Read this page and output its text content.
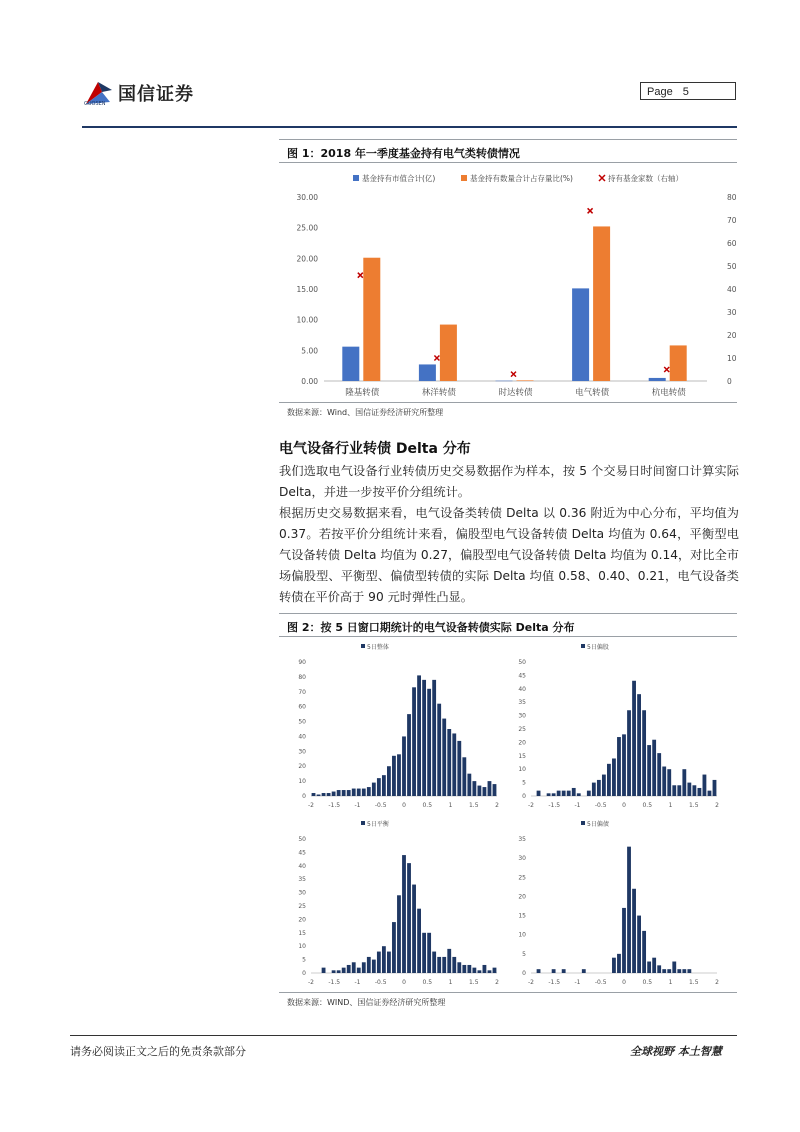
国信证券
GUOSEN
Page 5
图 1：2018 年一季度基金持有电气类转债情况
基金持有市值合计(亿)	基金持有数量合计占存量比(%)	持有基金家数（右轴）
0.00
5.00
10.00
15.00
20.00
25.00
30.00
0
10
20
30
40
50
60
70
80
隆基转债	林洋转债	时达转债	电气转债	杭电转债
数据来源：Wind、国信证券经济研究所整理
电气设备行业转债 Delta 分布
我们选取电气设备行业转债历史交易数据作为样本，按 5 个交易日时间窗口计算实际 Delta，并进一步按平价分组统计。
根据历史交易数据来看，电气设备类转债 Delta 以 0.36 附近为中心分布，平均值为 0.37。若按平价分组统计来看，偏股型电气设备转债 Delta 均值为 0.64，平衡型电气设备转债 Delta 均值为 0.27，偏股型电气设备转债 Delta 均值为 0.14，对比全市场偏股型、平衡型、偏债型转债的实际 Delta 均值 0.58、0.40、0.21，电气设备类转债在平价高于 90 元时弹性凸显。
图 2：按 5 日窗口期统计的电气设备转债实际 Delta 分布
5日整体
0
10
20
30
40
50
60
70
80
90
-2 -1.5 -1 -0.5	0	0.5	1	1.5	2
5日偏股
0
5
10
15
20
25
30
35
40
45
50
-2 -1.5 -1 -0.5	0	0.5	1	1.5	2
5日平衡
0
5
10
15
20
25
30
35
40
45
50
-2 -1.5 -1 -0.5	0	0.5	1	1.5	2
5日偏债
0
5
10
15
20
25
30
35
-2 -1.5 -1 -0.5	0	0.5	1	1.5	2
数据来源：WIND、国信证券经济研究所整理
请务必阅读正文之后的免责条款部分	全球视野 本土智慧
